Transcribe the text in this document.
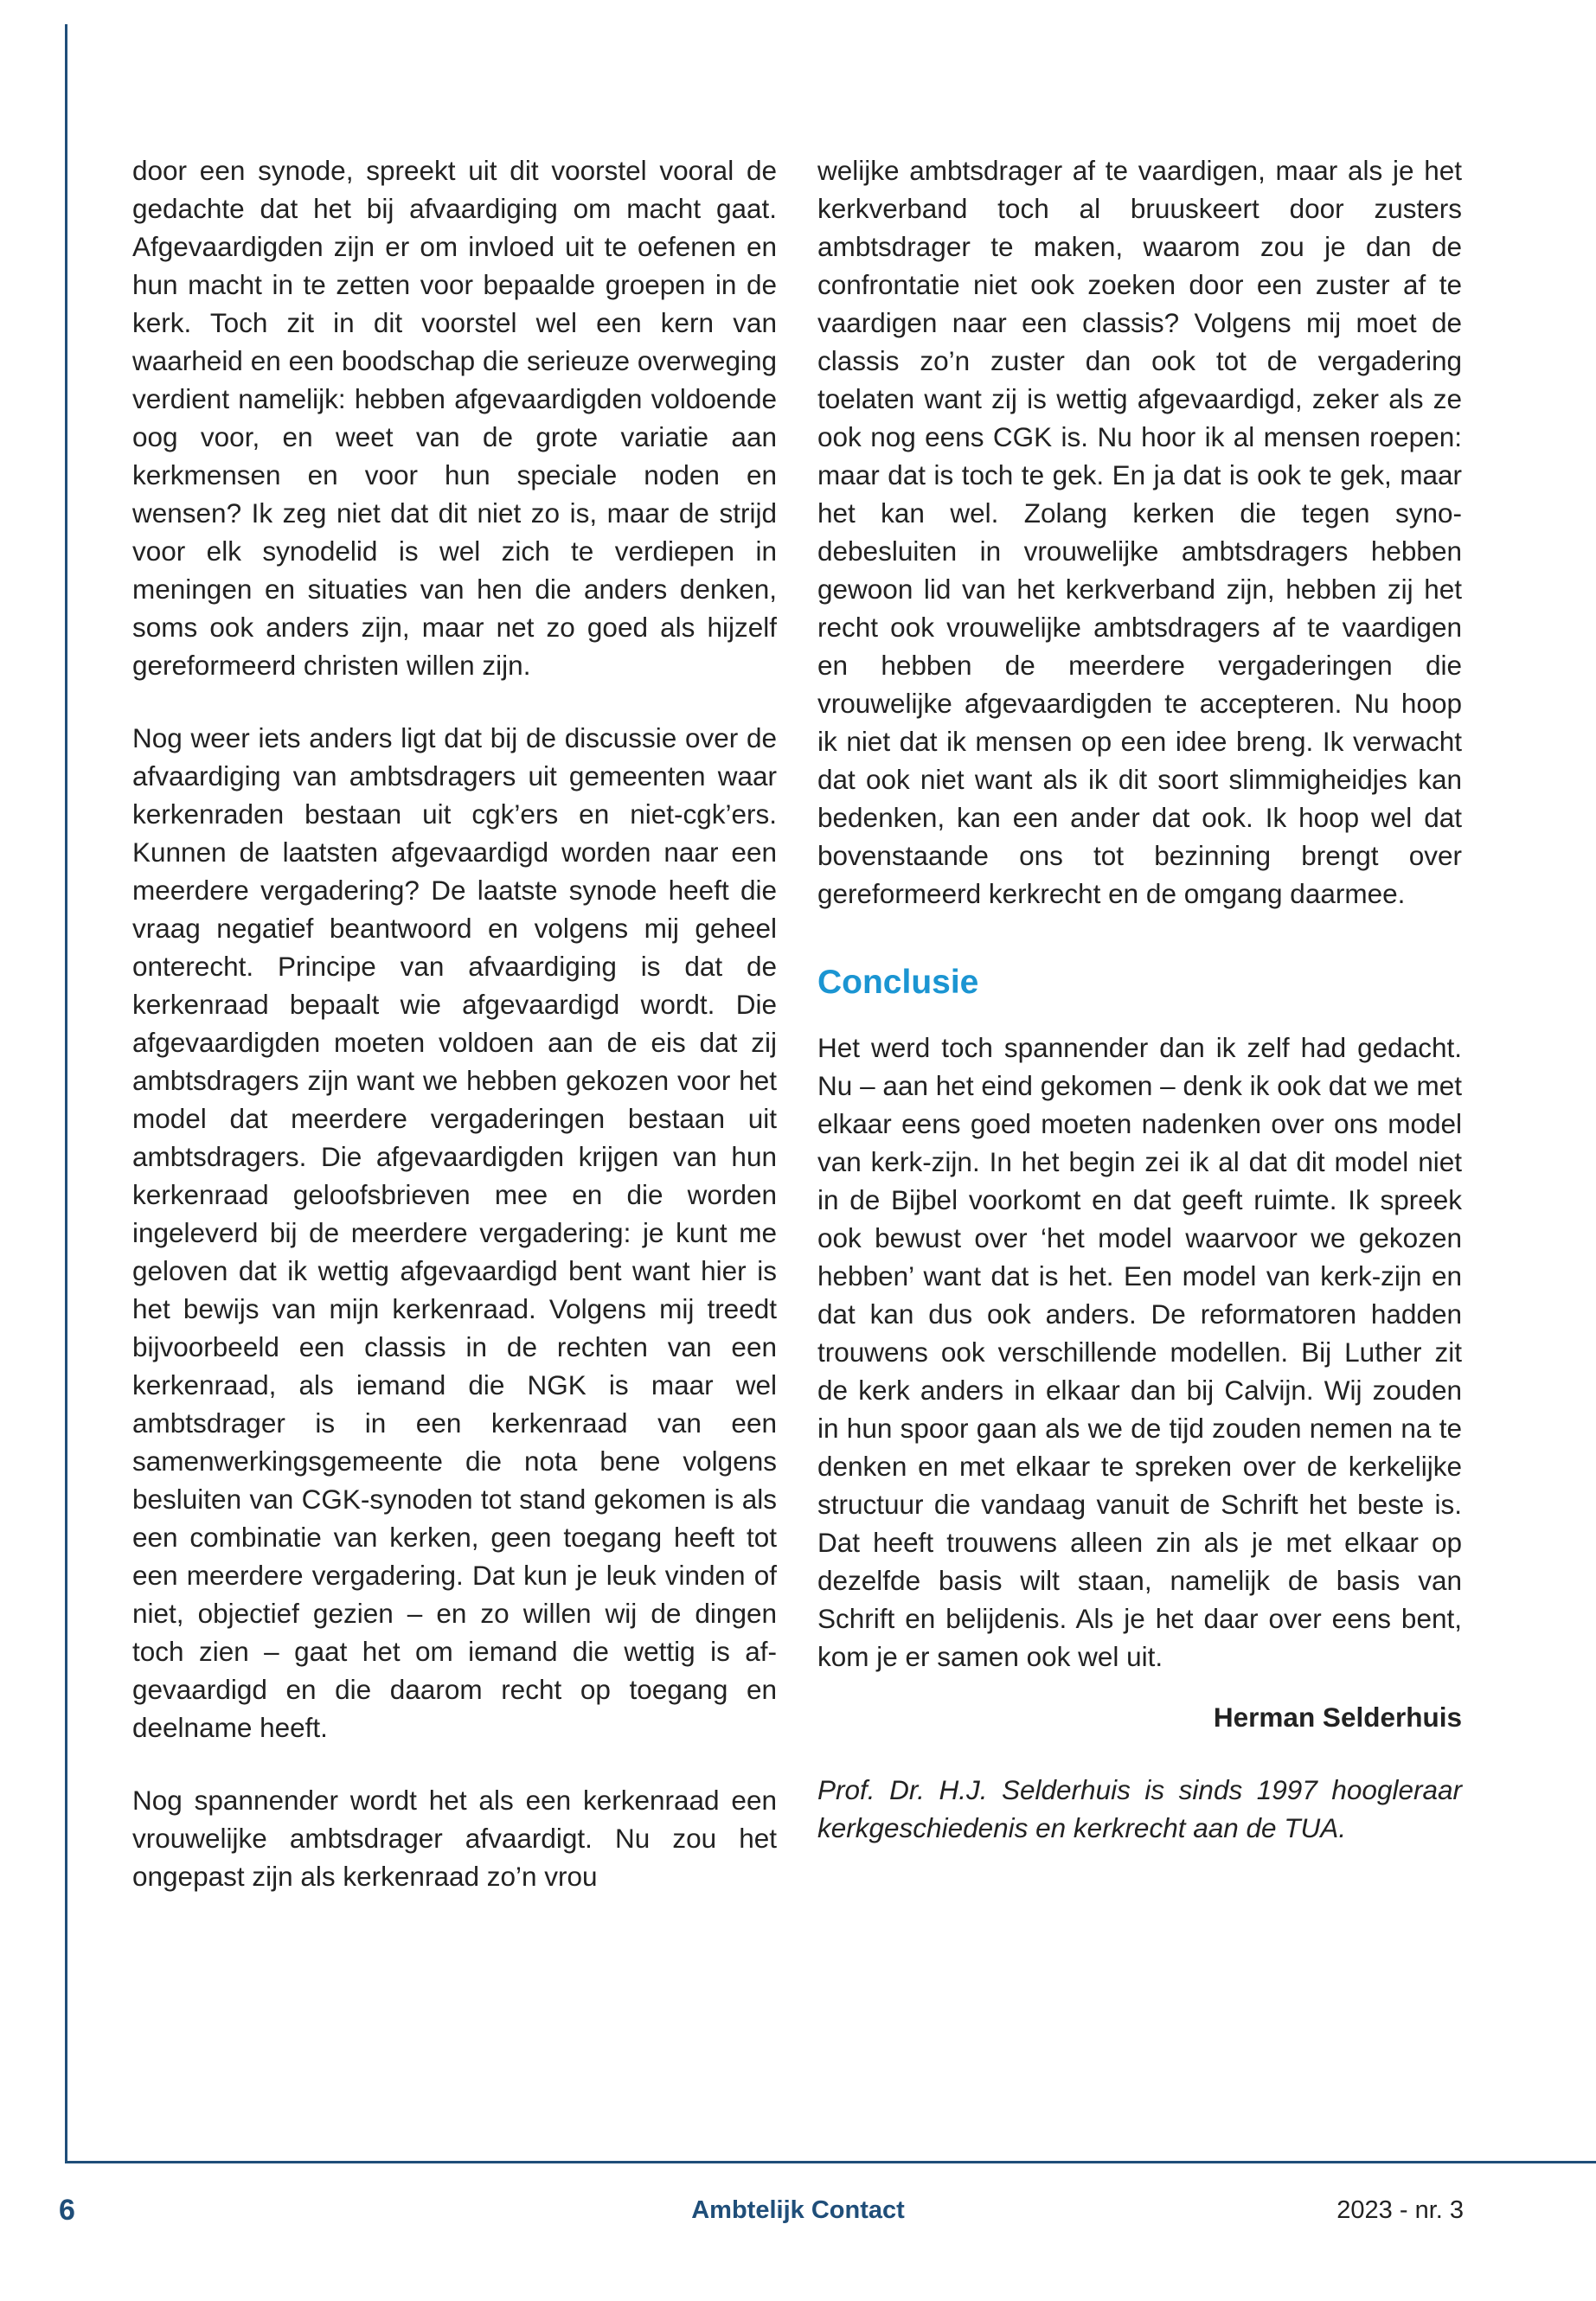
door een synode, spreekt uit dit voorstel vooral de gedachte dat het bij afvaardiging om macht gaat. Afgevaardigden zijn er om invloed uit te oefenen en hun macht in te zetten voor bepaalde groepen in de kerk. Toch zit in dit voorstel wel een kern van waarheid en een boodschap die serieuze overweging verdient namelijk: hebben afgevaardigden voldoende oog voor, en weet van de grote variatie aan kerkmensen en voor hun speciale noden en wensen? Ik zeg niet dat dit niet zo is, maar de strijd voor elk synodelid is wel zich te verdiepen in meningen en situaties van hen die anders denken, soms ook anders zijn, maar net zo goed als hijzelf gereformeerd christen willen zijn.

Nog weer iets anders ligt dat bij de discussie over de afvaardiging van ambtsdragers uit gemeenten waar kerkenraden bestaan uit cgk’ers en niet-cgk’ers. Kunnen de laatsten afgevaardigd worden naar een meerdere vergadering? De laatste synode heeft die vraag negatief beantwoord en volgens mij geheel onterecht. Principe van afvaardiging is dat de kerkenraad bepaalt wie afgevaardigd wordt. Die afgevaardigden moeten voldoen aan de eis dat zij ambtsdragers zijn want we hebben gekozen voor het model dat meerdere vergaderingen bestaan uit ambtsdragers. Die afgevaardigden krijgen van hun kerkenraad geloofsbrieven mee en die worden ingeleverd bij de meerdere vergadering: je kunt me geloven dat ik wettig afgevaardigd bent want hier is het bewijs van mijn kerkenraad. Volgens mij treedt bijvoorbeeld een classis in de rechten van een kerkenraad, als iemand die NGK is maar wel ambtsdrager is in een kerkenraad van een samenwerkingsgemeente die nota bene volgens besluiten van CGK-synoden tot stand gekomen is als een combinatie van kerken, geen toegang heeft tot een meerdere vergadering. Dat kun je leuk vinden of niet, objectief gezien – en zo willen wij de dingen toch zien – gaat het om iemand die wettig is afgevaardigd en die daarom recht op toegang en deelname heeft.

Nog spannender wordt het als een kerkenraad een vrouwelijke ambtsdrager afvaardigt. Nu zou het ongepast zijn als kerkenraad zo’n vrou

welijke ambtsdrager af te vaardigen, maar als je het kerkverband toch al bruuskeert door zusters ambtsdrager te maken, waarom zou je dan de confrontatie niet ook zoeken door een zuster af te vaardigen naar een classis? Volgens mij moet de classis zo’n zuster dan ook tot de vergadering toelaten want zij is wettig afgevaardigd, zeker als ze ook nog eens CGK is. Nu hoor ik al mensen roepen: maar dat is toch te gek. En ja dat is ook te gek, maar het kan wel. Zolang kerken die tegen synodebesluiten in vrouwelijke ambtsdragers hebben gewoon lid van het kerkverband zijn, hebben zij het recht ook vrouwelijke ambtsdragers af te vaardigen en hebben de meerdere vergaderingen die vrouwelijke afgevaardigden te accepteren. Nu hoop ik niet dat ik mensen op een idee breng. Ik verwacht dat ook niet want als ik dit soort slimmigheidjes kan bedenken, kan een ander dat ook. Ik hoop wel dat bovenstaande ons tot bezinning brengt over gereformeerd kerkrecht en de omgang daarmee.

Conclusie

Het werd toch spannender dan ik zelf had gedacht. Nu – aan het eind gekomen – denk ik ook dat we met elkaar eens goed moeten nadenken over ons model van kerk-zijn. In het begin zei ik al dat dit model niet in de Bijbel voorkomt en dat geeft ruimte. Ik spreek ook bewust over ‘het model waarvoor we gekozen hebben’ want dat is het. Een model van kerk-zijn en dat kan dus ook anders. De reformatoren hadden trouwens ook verschillende modellen. Bij Luther zit de kerk anders in elkaar dan bij Calvijn. Wij zouden in hun spoor gaan als we de tijd zouden nemen na te denken en met elkaar te spreken over de kerkelijke structuur die vandaag vanuit de Schrift het beste is. Dat heeft trouwens alleen zin als je met elkaar op dezelfde basis wilt staan, namelijk de basis van Schrift en belijdenis. Als je het daar over eens bent, kom je er samen ook wel uit.

Herman Selderhuis

Prof. Dr. H.J. Selderhuis is sinds 1997 hoogleraar kerkgeschiedenis en kerkrecht aan de TUA.

Ambtelijk Contact
6	2023 - nr. 3
